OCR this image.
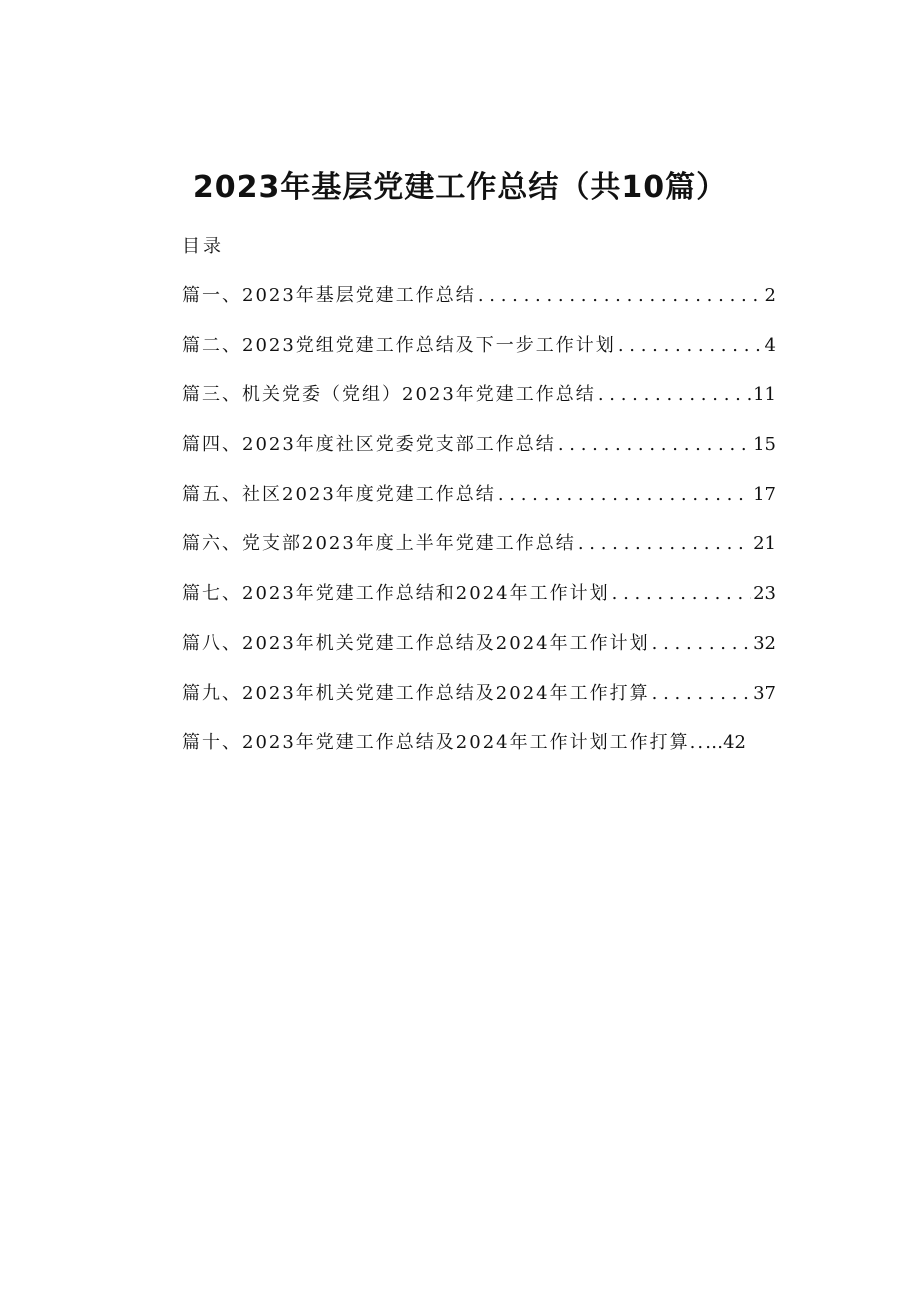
2023年基层党建工作总结（共10篇）
目录
篇一、2023年基层党建工作总结 . . .	2
篇二、2023党组党建工作总结及下一步工作计划 . . .	4
篇三、机关党委（党组）2023年党建工作总结 . . .	11
篇四、2023年度社区党委党支部工作总结 . . .	15
篇五、社区2023年度党建工作总结 . . .	17
篇六、党支部2023年度上半年党建工作总结 . . .	21
篇七、2023年党建工作总结和2024年工作计划 . . .	23
篇八、2023年机关党建工作总结及2024年工作计划 . . .	32
篇九、2023年机关党建工作总结及2024年工作打算 . . .	37
篇十、2023年党建工作总结及2024年工作计划工作打算.. …42
